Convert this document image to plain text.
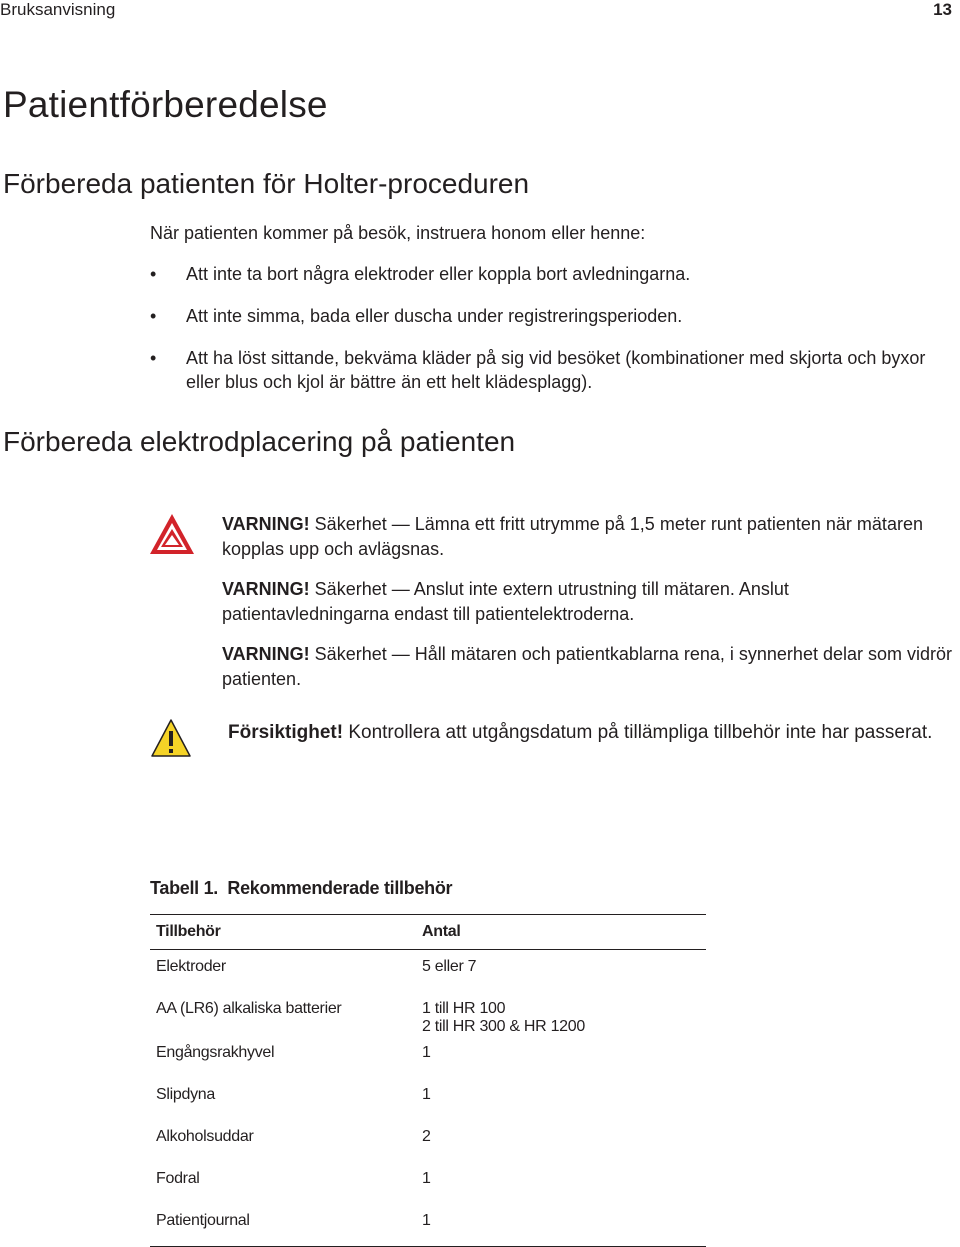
Bruksanvisning	13
Patientförberedelse
Förbereda patienten för Holter-proceduren
När patienten kommer på besök, instruera honom eller henne:
• Att inte ta bort några elektroder eller koppla bort avledningarna.
• Att inte simma, bada eller duscha under registreringsperioden.
• Att ha löst sittande, bekväma kläder på sig vid besöket (kombinationer med skjorta och byxor eller blus och kjol är bättre än ett helt klädesplagg).
Förbereda elektrodplacering på patienten
VARNING! Säkerhet — Lämna ett fritt utrymme på 1,5 meter runt patienten när mätaren kopplas upp och avlägsnas.
VARNING! Säkerhet — Anslut inte extern utrustning till mätaren. Anslut patientavledningarna endast till patientelektroderna.
VARNING! Säkerhet — Håll mätaren och patientkablarna rena, i synnerhet delar som vidrör patienten.
Försiktighet! Kontrollera att utgångsdatum på tillämpliga tillbehör inte har passerat.
Tabell 1.  Rekommenderade tillbehör
Tillbehör	Antal
Elektroder	5 eller 7
AA (LR6) alkaliska batterier	1 till HR 100
2 till HR 300 & HR 1200

Engångsrakhyvel	1
Slipdyna	1
Alkoholsuddar	2
Fodral	1
Patientjournal	1
